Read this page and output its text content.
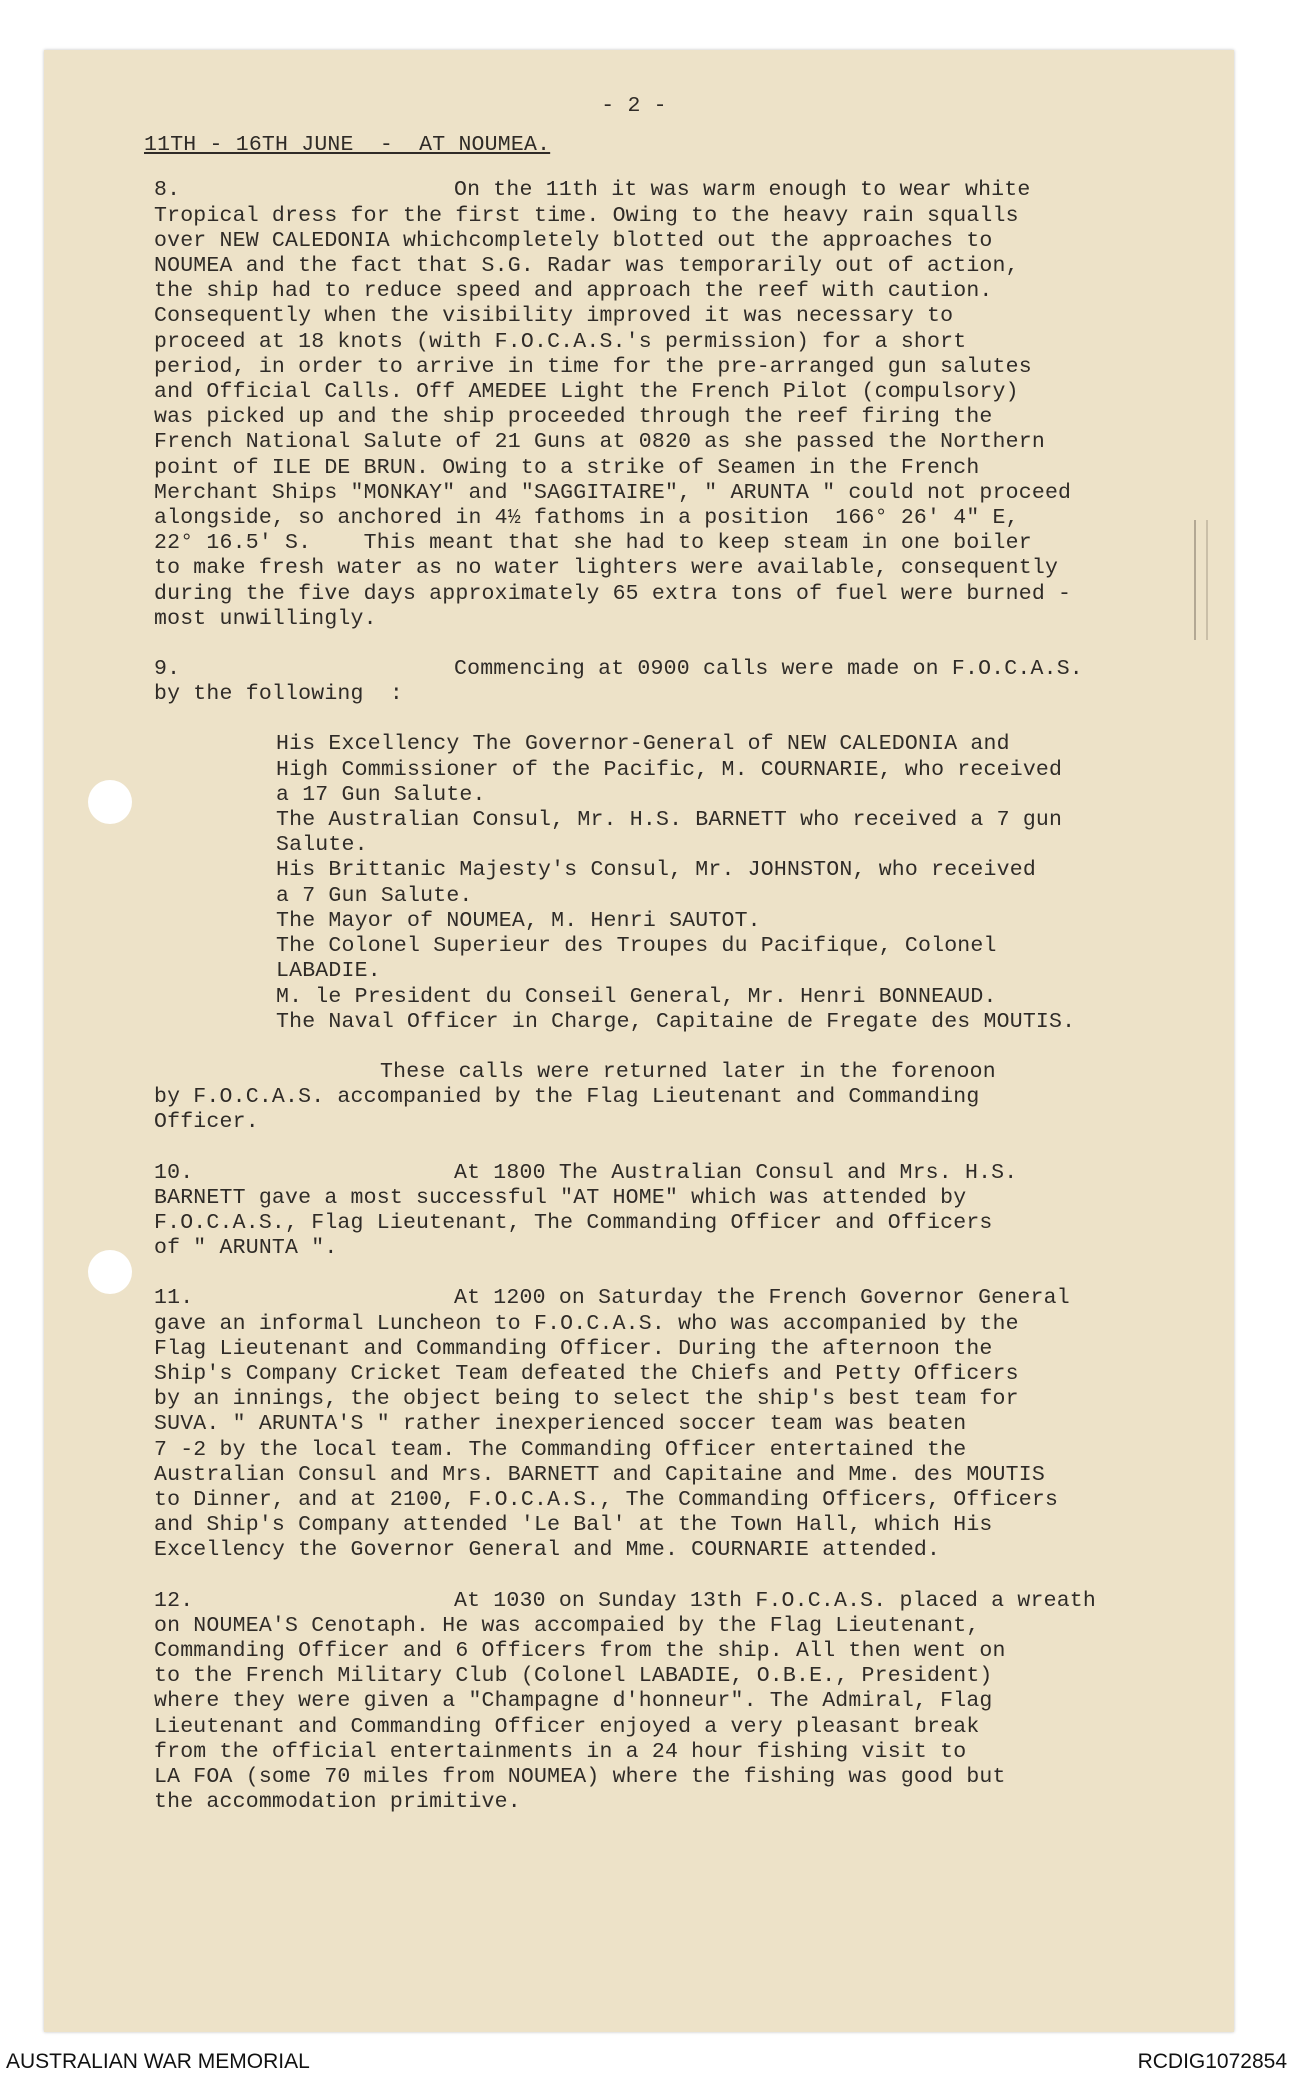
- 2 -
11TH - 16TH JUNE  -  AT NOUMEA.
8.	On the 11th it was warm enough to wear white
Tropical dress for the first time. Owing to the heavy rain squalls
over NEW CALEDONIA whichcompletely blotted out the approaches to
NOUMEA and the fact that S.G. Radar was temporarily out of action,
the ship had to reduce speed and approach the reef with caution.
Consequently when the visibility improved it was necessary to
proceed at 18 knots (with F.O.C.A.S.'s permission) for a short
period, in order to arrive in time for the pre-arranged gun salutes
and Official Calls. Off AMEDEE Light the French Pilot (compulsory)
was picked up and the ship proceeded through the reef firing the
French National Salute of 21 Guns at 0820 as she passed the Northern
point of ILE DE BRUN. Owing to a strike of Seamen in the French
Merchant Ships "MONKAY" and "SAGGITAIRE", " ARUNTA " could not proceed
alongside, so anchored in 4½ fathoms in a position  166° 26' 4" E,
22° 16.5' S.    This meant that she had to keep steam in one boiler
to make fresh water as no water lighters were available, consequently
during the five days approximately 65 extra tons of fuel were burned -
most unwillingly.
9.	Commencing at 0900 calls were made on F.O.C.A.S.
by the following  :
His Excellency The Governor-General of NEW CALEDONIA and
High Commissioner of the Pacific, M. COURNARIE, who received
a 17 Gun Salute.
The Australian Consul, Mr. H.S. BARNETT who received a 7 gun
Salute.
His Brittanic Majesty's Consul, Mr. JOHNSTON, who received
a 7 Gun Salute.
The Mayor of NOUMEA, M. Henri SAUTOT.
The Colonel Superieur des Troupes du Pacifique, Colonel
LABADIE.
M. le President du Conseil General, Mr. Henri BONNEAUD.
The Naval Officer in Charge, Capitaine de Fregate des MOUTIS.
These calls were returned later in the forenoon
by F.O.C.A.S. accompanied by the Flag Lieutenant and Commanding
Officer.
10.	At 1800 The Australian Consul and Mrs. H.S.
BARNETT gave a most successful "AT HOME" which was attended by
F.O.C.A.S., Flag Lieutenant, The Commanding Officer and Officers
of " ARUNTA ".
11.	At 1200 on Saturday the French Governor General
gave an informal Luncheon to F.O.C.A.S. who was accompanied by the
Flag Lieutenant and Commanding Officer. During the afternoon the
Ship's Company Cricket Team defeated the Chiefs and Petty Officers
by an innings, the object being to select the ship's best team for
SUVA. " ARUNTA'S " rather inexperienced soccer team was beaten
7 -2 by the local team. The Commanding Officer entertained the
Australian Consul and Mrs. BARNETT and Capitaine and Mme. des MOUTIS
to Dinner, and at 2100, F.O.C.A.S., The Commanding Officers, Officers
and Ship's Company attended 'Le Bal' at the Town Hall, which His
Excellency the Governor General and Mme. COURNARIE attended.
12.	At 1030 on Sunday 13th F.O.C.A.S. placed a wreath
on NOUMEA'S Cenotaph. He was accompaied by the Flag Lieutenant,
Commanding Officer and 6 Officers from the ship. All then went on
to the French Military Club (Colonel LABADIE, O.B.E., President)
where they were given a "Champagne d'honneur". The Admiral, Flag
Lieutenant and Commanding Officer enjoyed a very pleasant break
from the official entertainments in a 24 hour fishing visit to
LA FOA (some 70 miles from NOUMEA) where the fishing was good but
the accommodation primitive.
AUSTRALIAN WAR MEMORIAL	RCDIG1072854
